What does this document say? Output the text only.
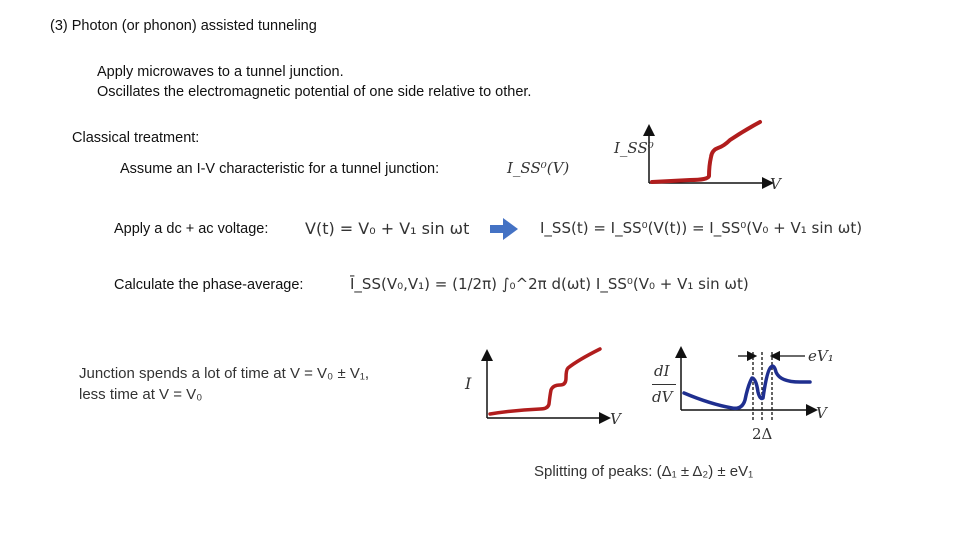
(3) Photon (or phonon) assisted tunneling
Apply microwaves to a tunnel junction.
Oscillates the electromagnetic potential of one side relative to other.
Classical treatment:
Assume an I-V characteristic for a tunnel junction:	I_SS⁰(V)
Apply a dc + ac voltage: V(t) = V₀ + V₁ sin ωt	I_SS(t) = I_SS⁰(V(t)) = I_SS⁰(V₀ + V₁ sin ωt)
Calculate the phase-average:	Ī_SS(V₀,V₁) = (1/2π) ∫₀^2π d(ωt) I_SS⁰(V₀ + V₁ sin ωt)
Junction spends a lot of time at V = V₀ ± V₁,
less time at V = V₀
Splitting of peaks: (Δ₁ ± Δ₂) ± eV₁
I_SS⁰
V
I
V
dI
dV
V
eV₁
2Δ
